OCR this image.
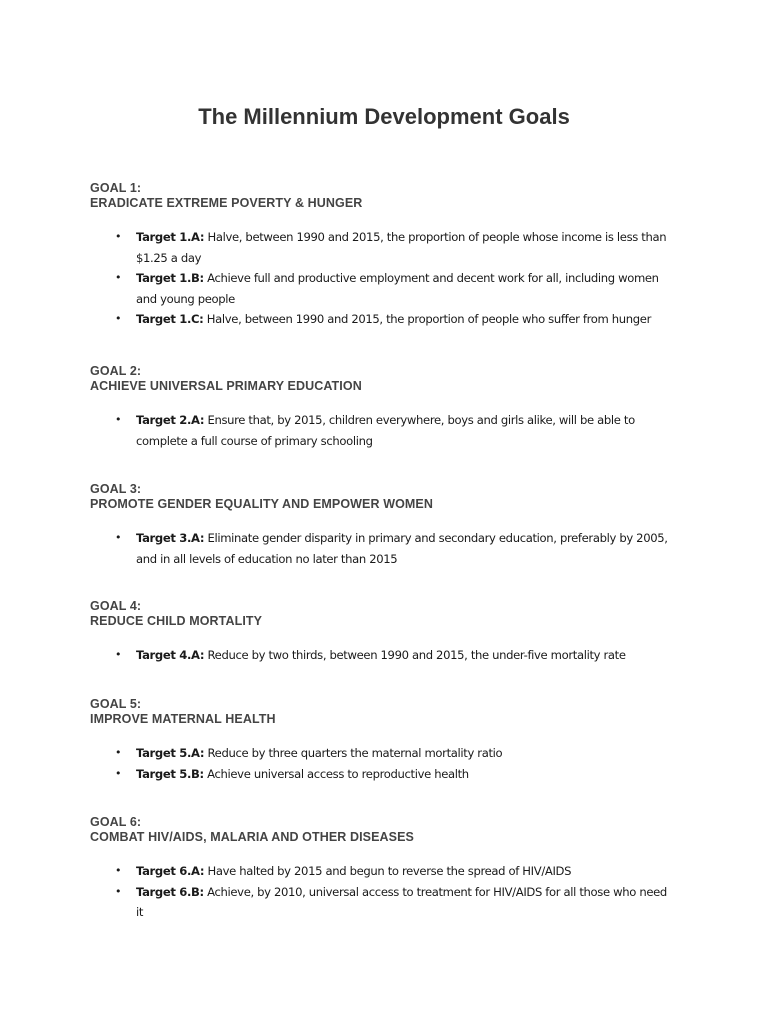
The Millennium Development Goals
GOAL 1:
ERADICATE EXTREME POVERTY & HUNGER
• Target 1.A: Halve, between 1990 and 2015, the proportion of people whose income is less than $1.25 a day
• Target 1.B: Achieve full and productive employment and decent work for all, including women and young people
• Target 1.C: Halve, between 1990 and 2015, the proportion of people who suffer from hunger
GOAL 2:
ACHIEVE UNIVERSAL PRIMARY EDUCATION
• Target 2.A: Ensure that, by 2015, children everywhere, boys and girls alike, will be able to complete a full course of primary schooling
GOAL 3:
PROMOTE GENDER EQUALITY AND EMPOWER WOMEN
• Target 3.A: Eliminate gender disparity in primary and secondary education, preferably by 2005, and in all levels of education no later than 2015
GOAL 4:
REDUCE CHILD MORTALITY
• Target 4.A: Reduce by two thirds, between 1990 and 2015, the under-five mortality rate
GOAL 5:
IMPROVE MATERNAL HEALTH
• Target 5.A: Reduce by three quarters the maternal mortality ratio
• Target 5.B: Achieve universal access to reproductive health
GOAL 6:
COMBAT HIV/AIDS, MALARIA AND OTHER DISEASES
• Target 6.A: Have halted by 2015 and begun to reverse the spread of HIV/AIDS
• Target 6.B: Achieve, by 2010, universal access to treatment for HIV/AIDS for all those who need it
